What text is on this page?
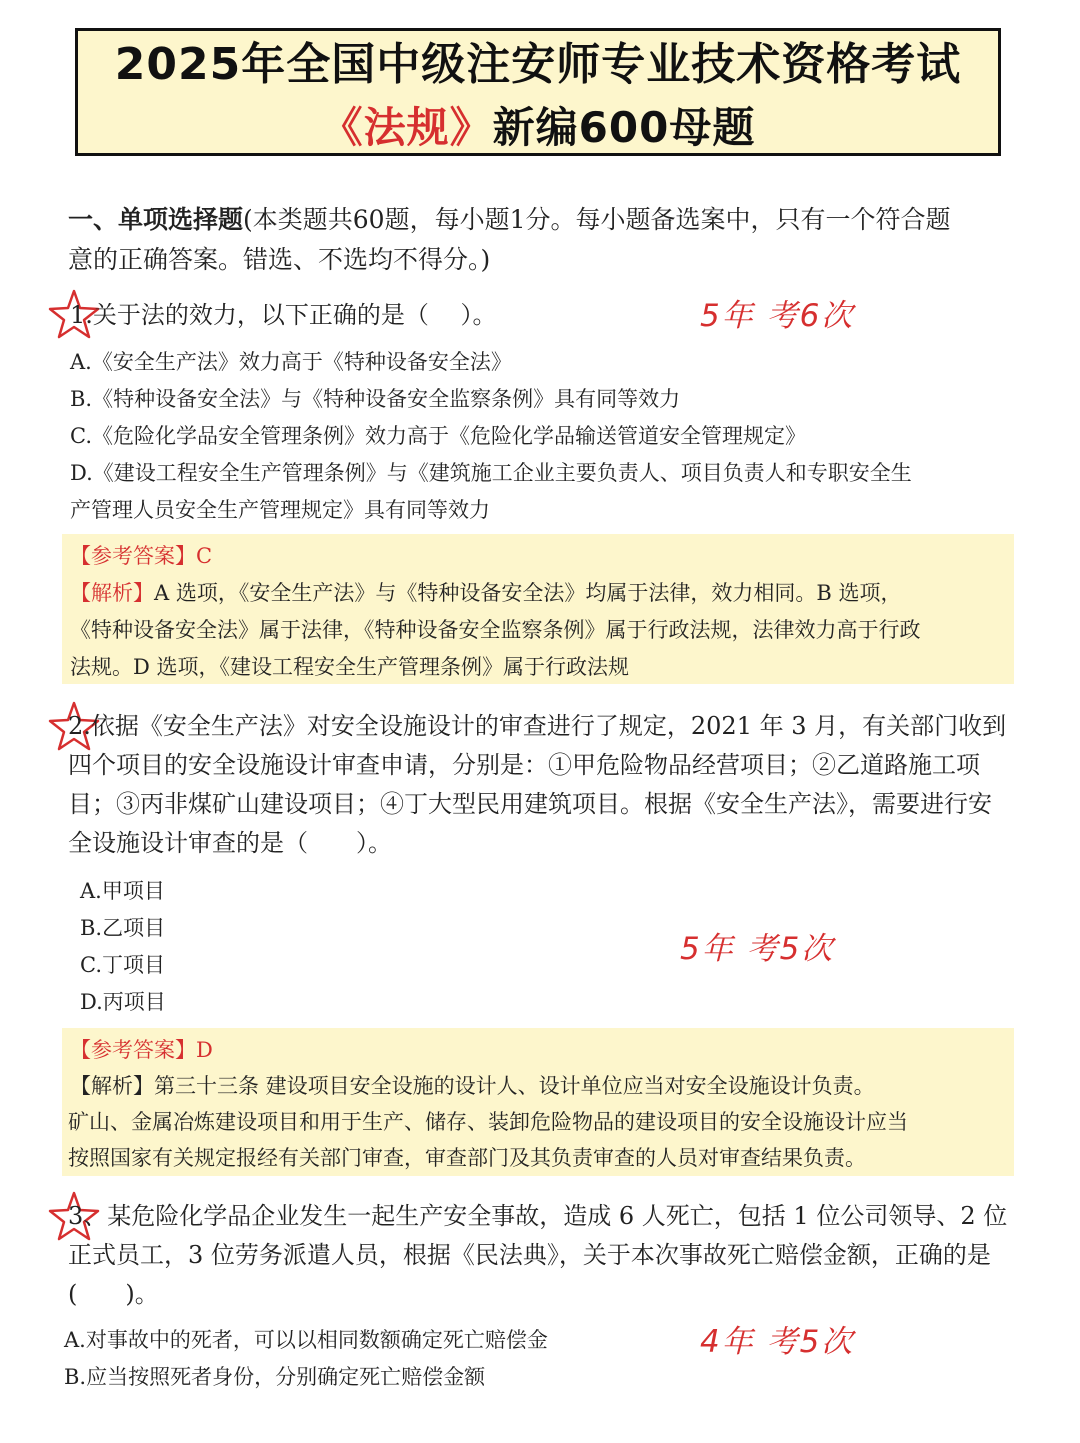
2025年全国中级注安师专业技术资格考试
《法规》新编600母题
一、单项选择题(本类题共60题，每小题1分。每小题备选案中，只有一个符合题
意的正确答案。错选、不选均不得分。)
1.关于法的效力，以下正确的是（　 ）。	5年 考6次
A.《安全生产法》效力高于《特种设备安全法》
B.《特种设备安全法》与《特种设备安全监察条例》具有同等效力
C.《危险化学品安全管理条例》效力高于《危险化学品输送管道安全管理规定》
D.《建设工程安全生产管理条例》与《建筑施工企业主要负责人、项目负责人和专职安全生
产管理人员安全生产管理规定》具有同等效力
【参考答案】C
【解析】A 选项，《安全生产法》与《特种设备安全法》均属于法律，效力相同。B 选项，
《特种设备安全法》属于法律，《特种设备安全监察条例》属于行政法规，法律效力高于行政
法规。D 选项，《建设工程安全生产管理条例》属于行政法规
2.依据《安全生产法》对安全设施设计的审查进行了规定，2021 年 3 月，有关部门收到
四个项目的安全设施设计审查申请，分别是：①甲危险物品经营项目；②乙道路施工项
目；③丙非煤矿山建设项目；④丁大型民用建筑项目。根据《安全生产法》，需要进行安
全设施设计审查的是（　　）。
A.甲项目
B.乙项目
C.丁项目
D.丙项目
5年 考5次
【参考答案】D
【解析】第三十三条 建设项目安全设施的设计人、设计单位应当对安全设施设计负责。
矿山、金属冶炼建设项目和用于生产、储存、装卸危险物品的建设项目的安全设施设计应当
按照国家有关规定报经有关部门审查，审查部门及其负责审查的人员对审查结果负责。
3、某危险化学品企业发生一起生产安全事故，造成 6 人死亡，包括 1 位公司领导、2 位
正式员工，3 位劳务派遣人员，根据《民法典》，关于本次事故死亡赔偿金额，正确的是
(　　)。
A.对事故中的死者，可以以相同数额确定死亡赔偿金
B.应当按照死者身份，分别确定死亡赔偿金额
4年 考5次
